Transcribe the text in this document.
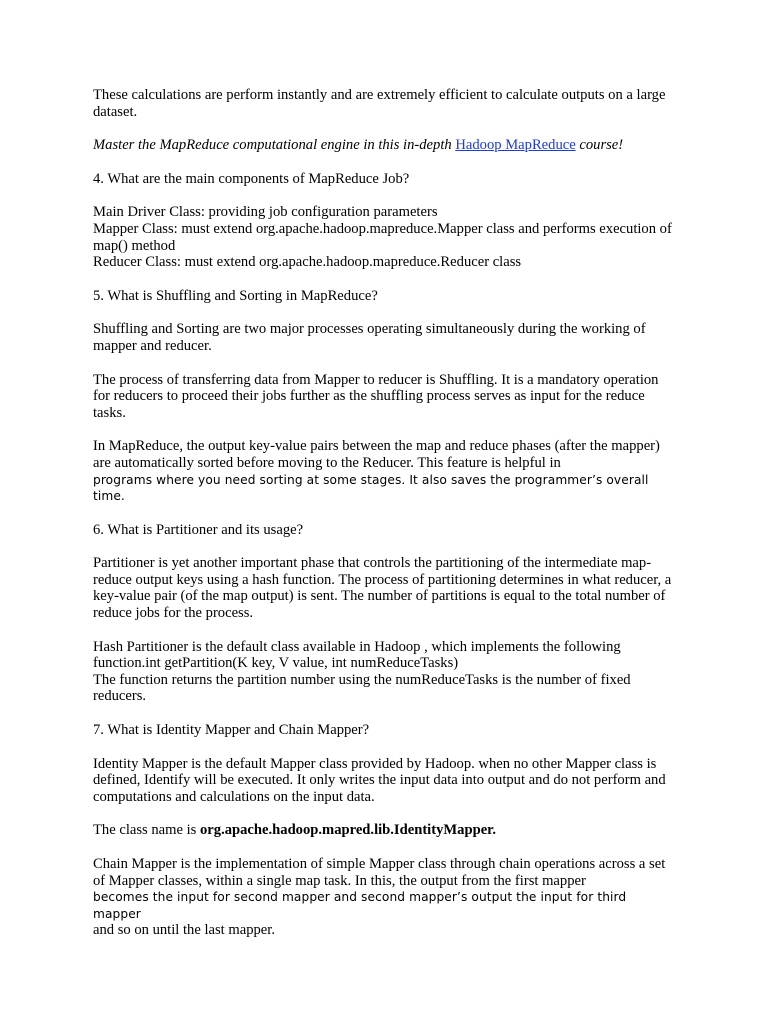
These calculations are perform instantly and are extremely efficient to calculate outputs on a large dataset.

Master the MapReduce computational engine in this in-depth Hadoop MapReduce course!

4. What are the main components of MapReduce Job?

Main Driver Class: providing job configuration parameters
Mapper Class: must extend org.apache.hadoop.mapreduce.Mapper class and performs execution of map() method
Reducer Class: must extend org.apache.hadoop.mapreduce.Reducer class

5. What is Shuffling and Sorting in MapReduce?

Shuffling and Sorting are two major processes operating simultaneously during the working of mapper and reducer.

The process of transferring data from Mapper to reducer is Shuffling. It is a mandatory operation for reducers to proceed their jobs further as the shuffling process serves as input for the reduce tasks.

In MapReduce, the output key-value pairs between the map and reduce phases (after the mapper) are automatically sorted before moving to the Reducer. This feature is helpful in
programs where you need sorting at some stages. It also saves the programmer’s overall time.

6. What is Partitioner and its usage?

Partitioner is yet another important phase that controls the partitioning of the intermediate map-reduce output keys using a hash function. The process of partitioning determines in what reducer, a key-value pair (of the map output) is sent. The number of partitions is equal to the total number of reduce jobs for the process.

Hash Partitioner is the default class available in Hadoop , which implements the following function.int getPartition(K key, V value, int numReduceTasks)
The function returns the partition number using the numReduceTasks is the number of fixed reducers.

7. What is Identity Mapper and Chain Mapper?

Identity Mapper is the default Mapper class provided by Hadoop. when no other Mapper class is defined, Identify will be executed. It only writes the input data into output and do not perform and computations and calculations on the input data.

The class name is org.apache.hadoop.mapred.lib.IdentityMapper.

Chain Mapper is the implementation of simple Mapper class through chain operations across a set of Mapper classes, within a single map task. In this, the output from the first mapper
becomes the input for second mapper and second mapper’s output the input for third mapper
and so on until the last mapper.
